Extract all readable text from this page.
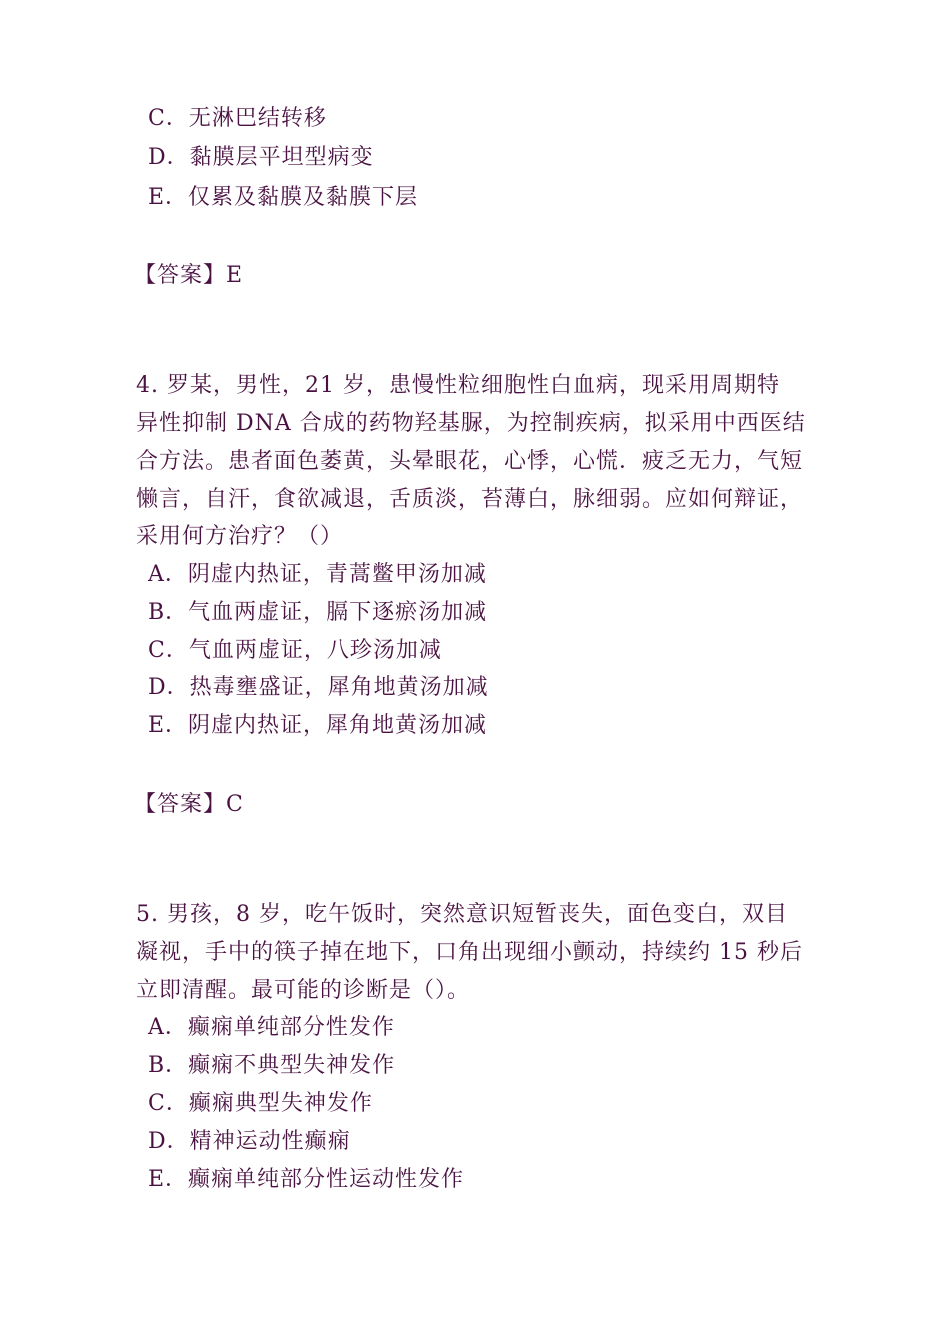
C．无淋巴结转移
D．黏膜层平坦型病变
E．仅累及黏膜及黏膜下层
【答案】E
4. 罗某，男性，21 岁，患慢性粒细胞性白血病，现采用周期特
异性抑制 DNA 合成的药物羟基脲，为控制疾病，拟采用中西医结
合方法。患者面色萎黄，头晕眼花，心悸，心慌．疲乏无力，气短
懒言，自汗，食欲减退，舌质淡，苔薄白，脉细弱。应如何辩证，
采用何方治疗？（）
A．阴虚内热证，青蒿鳖甲汤加减
B．气血两虚证，膈下逐瘀汤加减
C．气血两虚证，八珍汤加减
D．热毒壅盛证，犀角地黄汤加减
E．阴虚内热证，犀角地黄汤加减
【答案】C
5. 男孩，8 岁，吃午饭时，突然意识短暂丧失，面色变白，双目
凝视，手中的筷子掉在地下，口角出现细小颤动，持续约 15 秒后
立即清醒。最可能的诊断是（）。
A．癫痫单纯部分性发作
B．癫痫不典型失神发作
C．癫痫典型失神发作
D．精神运动性癫痫
E．癫痫单纯部分性运动性发作
